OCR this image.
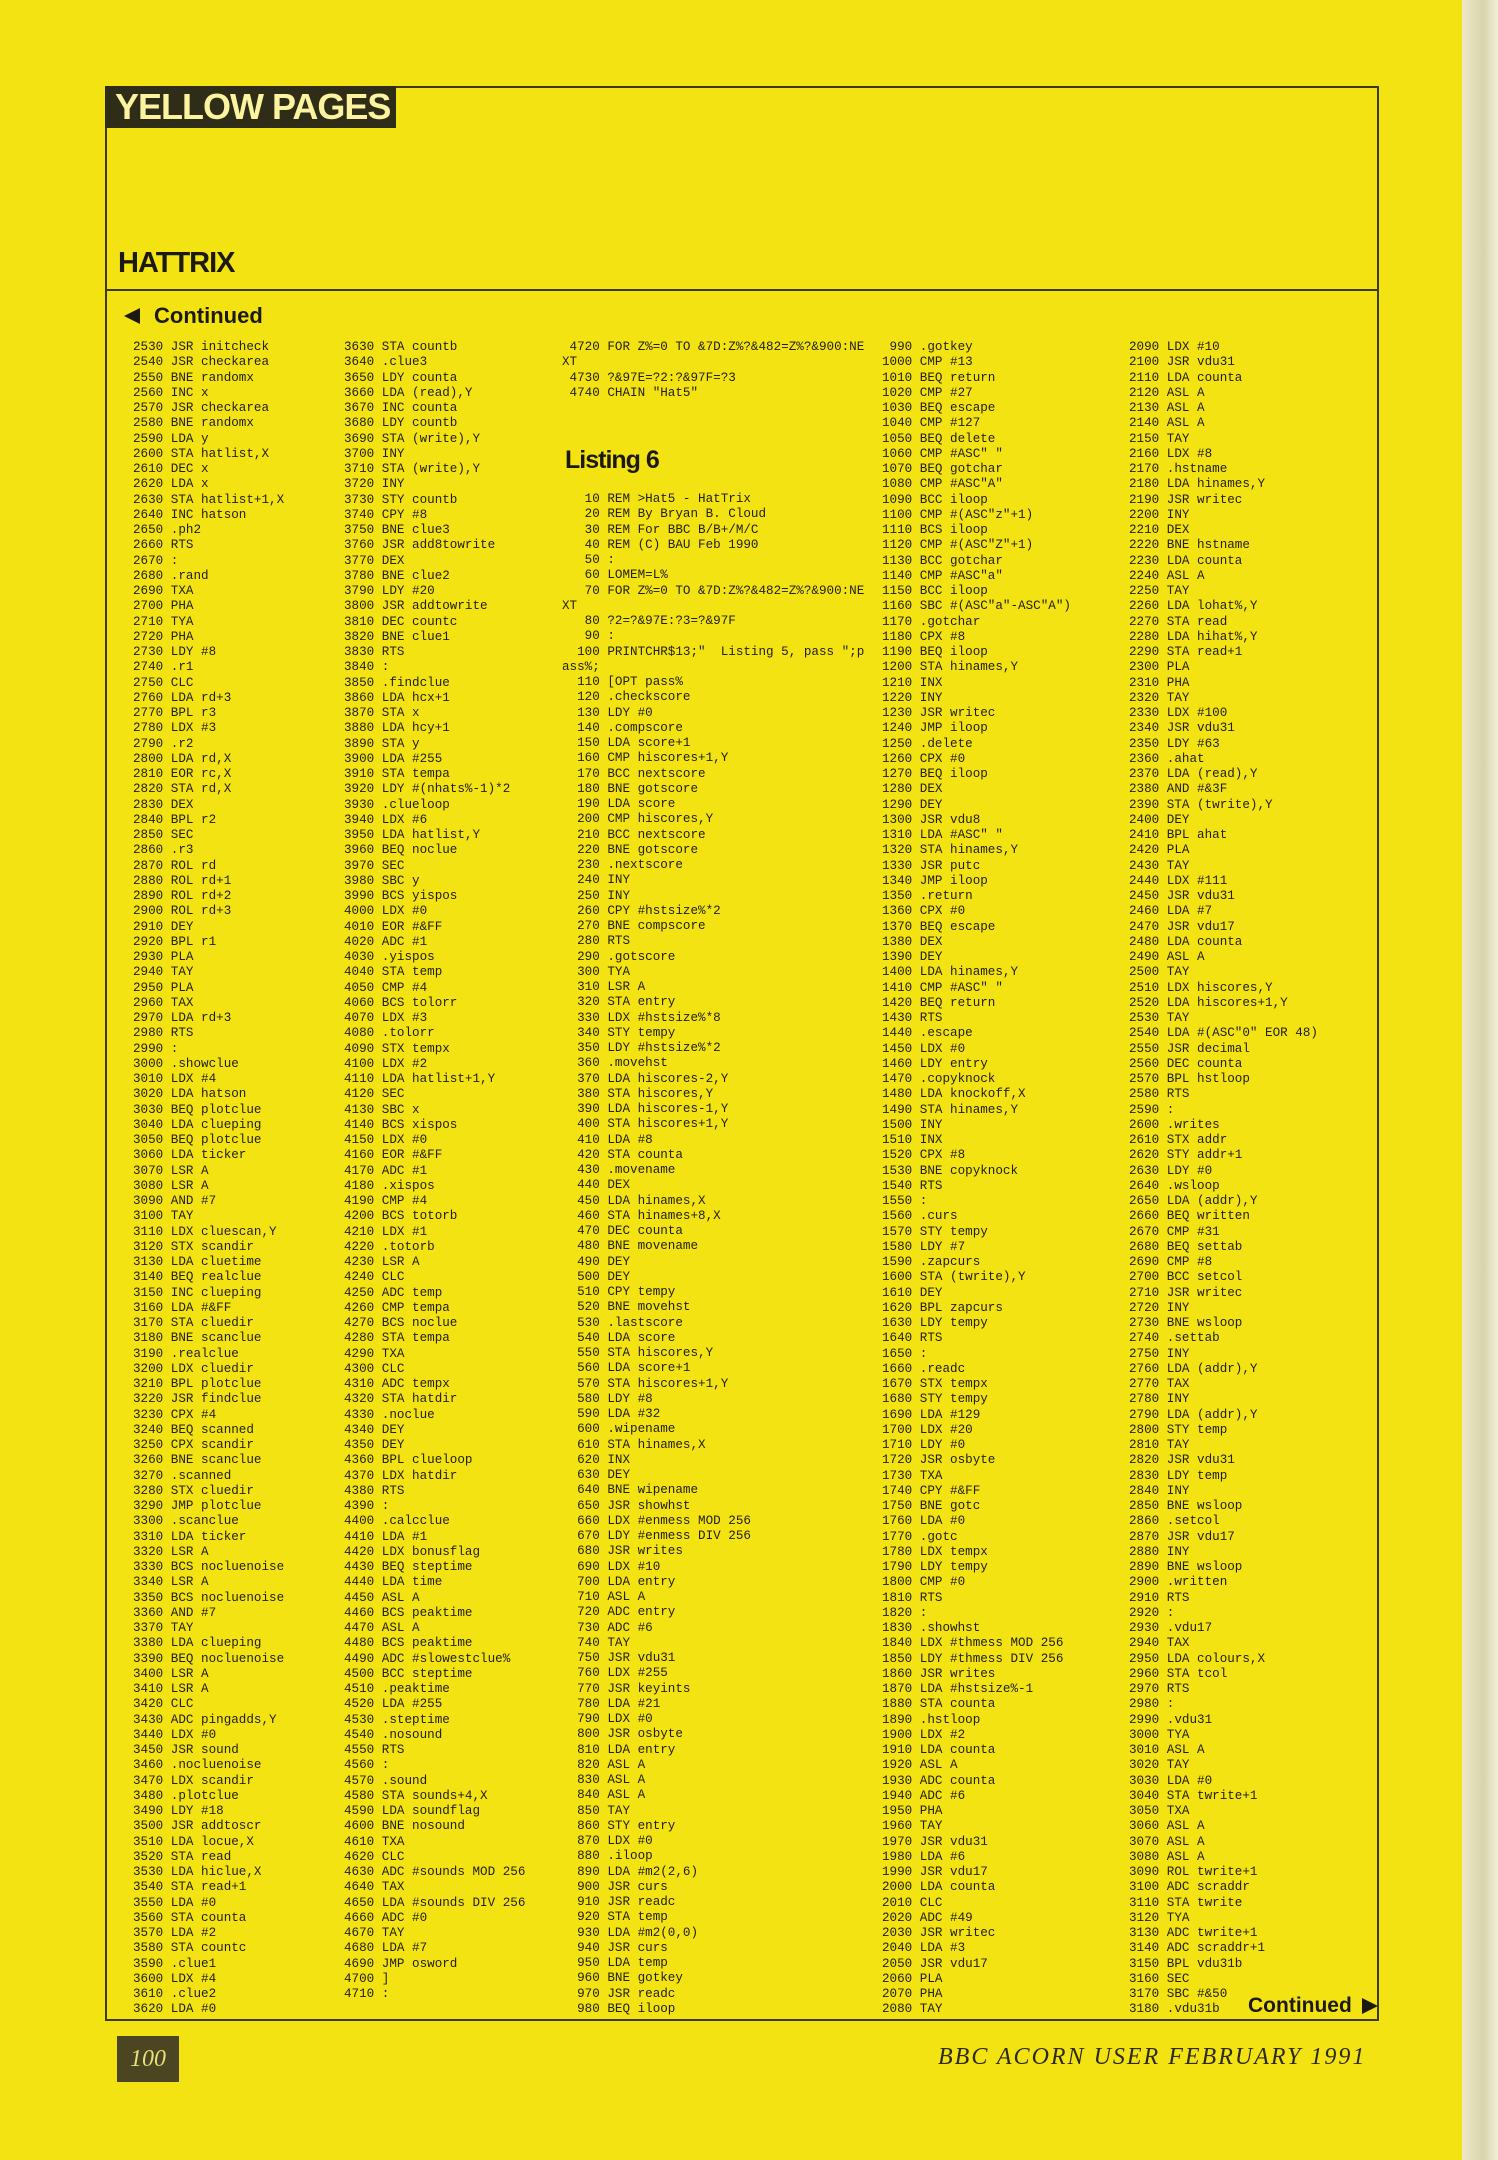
YELLOW PAGES
HATTRIX
Continued
2530 JSR initcheck
2540 JSR checkarea
2550 BNE randomx
2560 INC x
2570 JSR checkarea
2580 BNE randomx
2590 LDA y
2600 STA hatlist,X
2610 DEC x
2620 LDA x
2630 STA hatlist+1,X
2640 INC hatson
2650 .ph2
2660 RTS
2670 :
2680 .rand
2690 TXA
2700 PHA
2710 TYA
2720 PHA
2730 LDY #8
2740 .r1
2750 CLC
2760 LDA rd+3
2770 BPL r3
2780 LDX #3
2790 .r2
2800 LDA rd,X
2810 EOR rc,X
2820 STA rd,X
2830 DEX
2840 BPL r2
2850 SEC
2860 .r3
2870 ROL rd
2880 ROL rd+1
2890 ROL rd+2
2900 ROL rd+3
2910 DEY
2920 BPL r1
2930 PLA
2940 TAY
2950 PLA
2960 TAX
2970 LDA rd+3
2980 RTS
2990 :
3000 .showclue
3010 LDX #4
3020 LDA hatson
3030 BEQ plotclue
3040 LDA clueping
3050 BEQ plotclue
3060 LDA ticker
3070 LSR A
3080 LSR A
3090 AND #7
3100 TAY
3110 LDX cluescan,Y
3120 STX scandir
3130 LDA cluetime
3140 BEQ realclue
3150 INC clueping
3160 LDA #&FF
3170 STA cluedir
3180 BNE scanclue
3190 .realclue
3200 LDX cluedir
3210 BPL plotclue
3220 JSR findclue
3230 CPX #4
3240 BEQ scanned
3250 CPX scandir
3260 BNE scanclue
3270 .scanned
3280 STX cluedir
3290 JMP plotclue
3300 .scanclue
3310 LDA ticker
3320 LSR A
3330 BCS nocluenoise
3340 LSR A
3350 BCS nocluenoise
3360 AND #7
3370 TAY
3380 LDA clueping
3390 BEQ nocluenoise
3400 LSR A
3410 LSR A
3420 CLC
3430 ADC pingadds,Y
3440 LDX #0
3450 JSR sound
3460 .nocluenoise
3470 LDX scandir
3480 .plotclue
3490 LDY #18
3500 JSR addtoscr
3510 LDA locue,X
3520 STA read
3530 LDA hiclue,X
3540 STA read+1
3550 LDA #0
3560 STA counta
3570 LDA #2
3580 STA countc
3590 .clue1
3600 LDX #4
3610 .clue2
3620 LDA #0
3630 STA countb
3640 .clue3
3650 LDY counta
3660 LDA (read),Y
3670 INC counta
3680 LDY countb
3690 STA (write),Y
3700 INY
3710 STA (write),Y
3720 INY
3730 STY countb
3740 CPY #8
3750 BNE clue3
3760 JSR add8towrite
3770 DEX
3780 BNE clue2
3790 LDY #20
3800 JSR addtowrite
3810 DEC countc
3820 BNE clue1
3830 RTS
3840 :
3850 .findclue
3860 LDA hcx+1
3870 STA x
3880 LDA hcy+1
3890 STA y
3900 LDA #255
3910 STA tempa
3920 LDY #(nhats%-1)*2
3930 .clueloop
3940 LDX #6
3950 LDA hatlist,Y
3960 BEQ noclue
3970 SEC
3980 SBC y
3990 BCS yispos
4000 LDX #0
4010 EOR #&FF
4020 ADC #1
4030 .yispos
4040 STA temp
4050 CMP #4
4060 BCS tolorr
4070 LDX #3
4080 .tolorr
4090 STX tempx
4100 LDX #2
4110 LDA hatlist+1,Y
4120 SEC
4130 SBC x
4140 BCS xispos
4150 LDX #0
4160 EOR #&FF
4170 ADC #1
4180 .xispos
4190 CMP #4
4200 BCS totorb
4210 LDX #1
4220 .totorb
4230 LSR A
4240 CLC
4250 ADC temp
4260 CMP tempa
4270 BCS noclue
4280 STA tempa
4290 TXA
4300 CLC
4310 ADC tempx
4320 STA hatdir
4330 .noclue
4340 DEY
4350 DEY
4360 BPL clueloop
4370 LDX hatdir
4380 RTS
4390 :
4400 .calcclue
4410 LDA #1
4420 LDX bonusflag
4430 BEQ steptime
4440 LDA time
4450 ASL A
4460 BCS peaktime
4470 ASL A
4480 BCS peaktime
4490 ADC #slowestclue%
4500 BCC steptime
4510 .peaktime
4520 LDA #255
4530 .steptime
4540 .nosound
4550 RTS
4560 :
4570 .sound
4580 STA sounds+4,X
4590 LDA soundflag
4600 BNE nosound
4610 TXA
4620 CLC
4630 ADC #sounds MOD 256
4640 TAX
4650 LDA #sounds DIV 256
4660 ADC #0
4670 TAY
4680 LDA #7
4690 JMP osword
4700 ]
4710 :
4720 FOR Z%=0 TO &7D:Z%?&482=Z%?&900:NE
XT
4730 ?&97E=?2:?&97F=?3
4740 CHAIN "Hat5"
Listing 6
10 REM >Hat5 - HatTrix
20 REM By Bryan B. Cloud
30 REM For BBC B/B+/M/C
40 REM (C) BAU Feb 1990
50 :
60 LOMEM=L%
70 FOR Z%=0 TO &7D:Z%?&482=Z%?&900:NE
XT
80 ?2=?&97E:?3=?&97F
90 :
100 PRINTCHR$13;"  Listing 5, pass ";p
ass%;
110 [OPT pass%
120 .checkscore
130 LDY #0
140 .compscore
150 LDA score+1
160 CMP hiscores+1,Y
170 BCC nextscore
180 BNE gotscore
190 LDA score
200 CMP hiscores,Y
210 BCC nextscore
220 BNE gotscore
230 .nextscore
240 INY
250 INY
260 CPY #hstsize%*2
270 BNE compscore
280 RTS
290 .gotscore
300 TYA
310 LSR A
320 STA entry
330 LDX #hstsize%*8
340 STY tempy
350 LDY #hstsize%*2
360 .movehst
370 LDA hiscores-2,Y
380 STA hiscores,Y
390 LDA hiscores-1,Y
400 STA hiscores+1,Y
410 LDA #8
420 STA counta
430 .movename
440 DEX
450 LDA hinames,X
460 STA hinames+8,X
470 DEC counta
480 BNE movename
490 DEY
500 DEY
510 CPY tempy
520 BNE movehst
530 .lastscore
540 LDA score
550 STA hiscores,Y
560 LDA score+1
570 STA hiscores+1,Y
580 LDY #8
590 LDA #32
600 .wipename
610 STA hinames,X
620 INX
630 DEY
640 BNE wipename
650 JSR showhst
660 LDX #enmess MOD 256
670 LDY #enmess DIV 256
680 JSR writes
690 LDX #10
700 LDA entry
710 ASL A
720 ADC entry
730 ADC #6
740 TAY
750 JSR vdu31
760 LDX #255
770 JSR keyints
780 LDA #21
790 LDX #0
800 JSR osbyte
810 LDA entry
820 ASL A
830 ASL A
840 ASL A
850 TAY
860 STY entry
870 LDX #0
880 .iloop
890 LDA #m2(2,6)
900 JSR curs
910 JSR readc
920 STA temp
930 LDA #m2(0,0)
940 JSR curs
950 LDA temp
960 BNE gotkey
970 JSR readc
980 BEQ iloop
990 .gotkey
1000 CMP #13
1010 BEQ return
1020 CMP #27
1030 BEQ escape
1040 CMP #127
1050 BEQ delete
1060 CMP #ASC" "
1070 BEQ gotchar
1080 CMP #ASC"A"
1090 BCC iloop
1100 CMP #(ASC"z"+1)
1110 BCS iloop
1120 CMP #(ASC"Z"+1)
1130 BCC gotchar
1140 CMP #ASC"a"
1150 BCC iloop
1160 SBC #(ASC"a"-ASC"A")
1170 .gotchar
1180 CPX #8
1190 BEQ iloop
1200 STA hinames,Y
1210 INX
1220 INY
1230 JSR writec
1240 JMP iloop
1250 .delete
1260 CPX #0
1270 BEQ iloop
1280 DEX
1290 DEY
1300 JSR vdu8
1310 LDA #ASC" "
1320 STA hinames,Y
1330 JSR putc
1340 JMP iloop
1350 .return
1360 CPX #0
1370 BEQ escape
1380 DEX
1390 DEY
1400 LDA hinames,Y
1410 CMP #ASC" "
1420 BEQ return
1430 RTS
1440 .escape
1450 LDX #0
1460 LDY entry
1470 .copyknock
1480 LDA knockoff,X
1490 STA hinames,Y
1500 INY
1510 INX
1520 CPX #8
1530 BNE copyknock
1540 RTS
1550 :
1560 .curs
1570 STY tempy
1580 LDY #7
1590 .zapcurs
1600 STA (twrite),Y
1610 DEY
1620 BPL zapcurs
1630 LDY tempy
1640 RTS
1650 :
1660 .readc
1670 STX tempx
1680 STY tempy
1690 LDA #129
1700 LDX #20
1710 LDY #0
1720 JSR osbyte
1730 TXA
1740 CPY #&FF
1750 BNE gotc
1760 LDA #0
1770 .gotc
1780 LDX tempx
1790 LDY tempy
1800 CMP #0
1810 RTS
1820 :
1830 .showhst
1840 LDX #thmess MOD 256
1850 LDY #thmess DIV 256
1860 JSR writes
1870 LDA #hstsize%-1
1880 STA counta
1890 .hstloop
1900 LDX #2
1910 LDA counta
1920 ASL A
1930 ADC counta
1940 ADC #6
1950 PHA
1960 TAY
1970 JSR vdu31
1980 LDA #6
1990 JSR vdu17
2000 LDA counta
2010 CLC
2020 ADC #49
2030 JSR writec
2040 LDA #3
2050 JSR vdu17
2060 PLA
2070 PHA
2080 TAY
2090 LDX #10
2100 JSR vdu31
2110 LDA counta
2120 ASL A
2130 ASL A
2140 ASL A
2150 TAY
2160 LDX #8
2170 .hstname
2180 LDA hinames,Y
2190 JSR writec
2200 INY
2210 DEX
2220 BNE hstname
2230 LDA counta
2240 ASL A
2250 TAY
2260 LDA lohat%,Y
2270 STA read
2280 LDA hihat%,Y
2290 STA read+1
2300 PLA
2310 PHA
2320 TAY
2330 LDX #100
2340 JSR vdu31
2350 LDY #63
2360 .ahat
2370 LDA (read),Y
2380 AND #&3F
2390 STA (twrite),Y
2400 DEY
2410 BPL ahat
2420 PLA
2430 TAY
2440 LDX #111
2450 JSR vdu31
2460 LDA #7
2470 JSR vdu17
2480 LDA counta
2490 ASL A
2500 TAY
2510 LDX hiscores,Y
2520 LDA hiscores+1,Y
2530 TAY
2540 LDA #(ASC"0" EOR 48)
2550 JSR decimal
2560 DEC counta
2570 BPL hstloop
2580 RTS
2590 :
2600 .writes
2610 STX addr
2620 STY addr+1
2630 LDY #0
2640 .wsloop
2650 LDA (addr),Y
2660 BEQ written
2670 CMP #31
2680 BEQ settab
2690 CMP #8
2700 BCC setcol
2710 JSR writec
2720 INY
2730 BNE wsloop
2740 .settab
2750 INY
2760 LDA (addr),Y
2770 TAX
2780 INY
2790 LDA (addr),Y
2800 STY temp
2810 TAY
2820 JSR vdu31
2830 LDY temp
2840 INY
2850 BNE wsloop
2860 .setcol
2870 JSR vdu17
2880 INY
2890 BNE wsloop
2900 .written
2910 RTS
2920 :
2930 .vdu17
2940 TAX
2950 LDA colours,X
2960 STA tcol
2970 RTS
2980 :
2990 .vdu31
3000 TYA
3010 ASL A
3020 TAY
3030 LDA #0
3040 STA twrite+1
3050 TXA
3060 ASL A
3070 ASL A
3080 ASL A
3090 ROL twrite+1
3100 ADC scraddr
3110 STA twrite
3120 TYA
3130 ADC twrite+1
3140 ADC scraddr+1
3150 BPL vdu31b
3160 SEC
3170 SBC #&50
3180 .vdu31b	Continued
100	BBC ACORN USER FEBRUARY 1991
